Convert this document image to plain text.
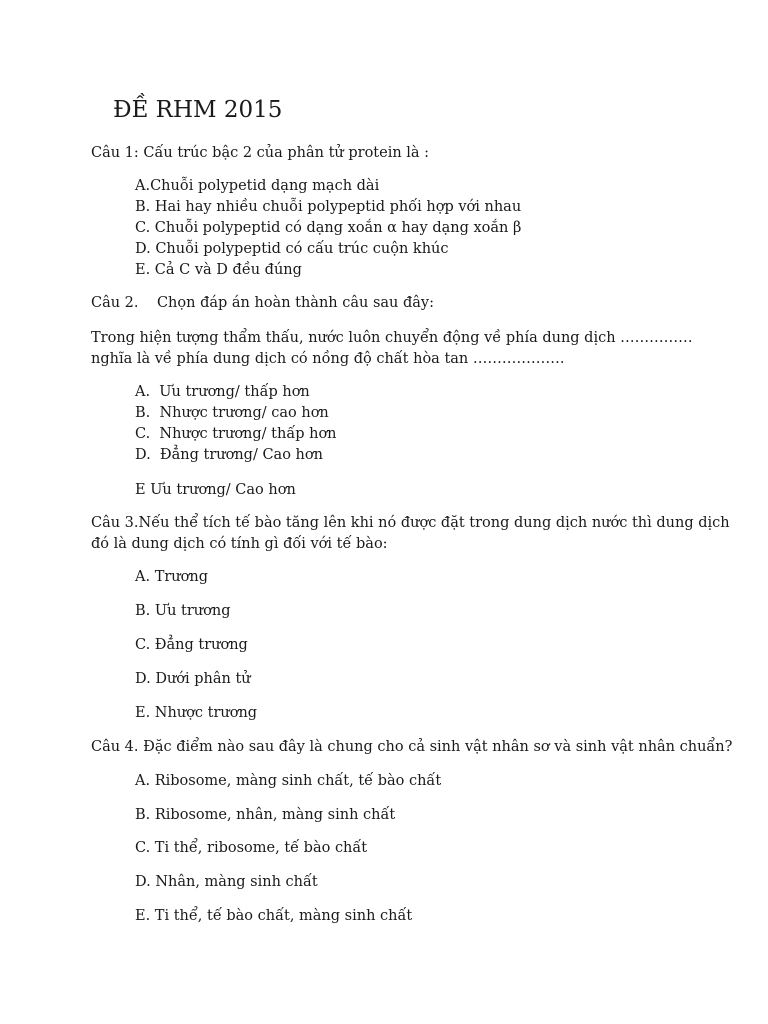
ĐỀ RHM 2015
Câu 1: Cấu trúc bậc 2 của phân tử protein là :
A.Chuỗi polypetid dạng mạch dài
B. Hai hay nhiều chuỗi polypeptid phối hợp với nhau
C. Chuỗi polypeptid có dạng xoắn α hay dạng xoắn β
D. Chuỗi polypeptid có cấu trúc cuộn khúc
E. Cả C và D đều đúng
Câu 2.    Chọn đáp án hoàn thành câu sau đây:
Trong hiện tượng thẩm thấu, nước luôn chuyển động về phía dung dịch ……………
nghĩa là về phía dung dịch có nồng độ chất hòa tan ……………….
A.  Ưu trương/ thấp hơn
B.  Nhược trương/ cao hơn
C.  Nhược trương/ thấp hơn
D.  Đẳng trương/ Cao hơn
E Ưu trương/ Cao hơn
Câu 3.Nếu thể tích tế bào tăng lên khi nó được đặt trong dung dịch nước thì dung dịch
đó là dung dịch có tính gì đối với tế bào:
A. Trương
B. Ưu trương
C. Đẳng trương
D. Dưới phân tử
E. Nhược trương
Câu 4. Đặc điểm nào sau đây là chung cho cả sinh vật nhân sơ và sinh vật nhân chuẩn?
A. Ribosome, màng sinh chất, tế bào chất
B. Ribosome, nhân, màng sinh chất
C. Ti thể, ribosome, tế bào chất
D. Nhân, màng sinh chất
E. Ti thể, tế bào chất, màng sinh chất
